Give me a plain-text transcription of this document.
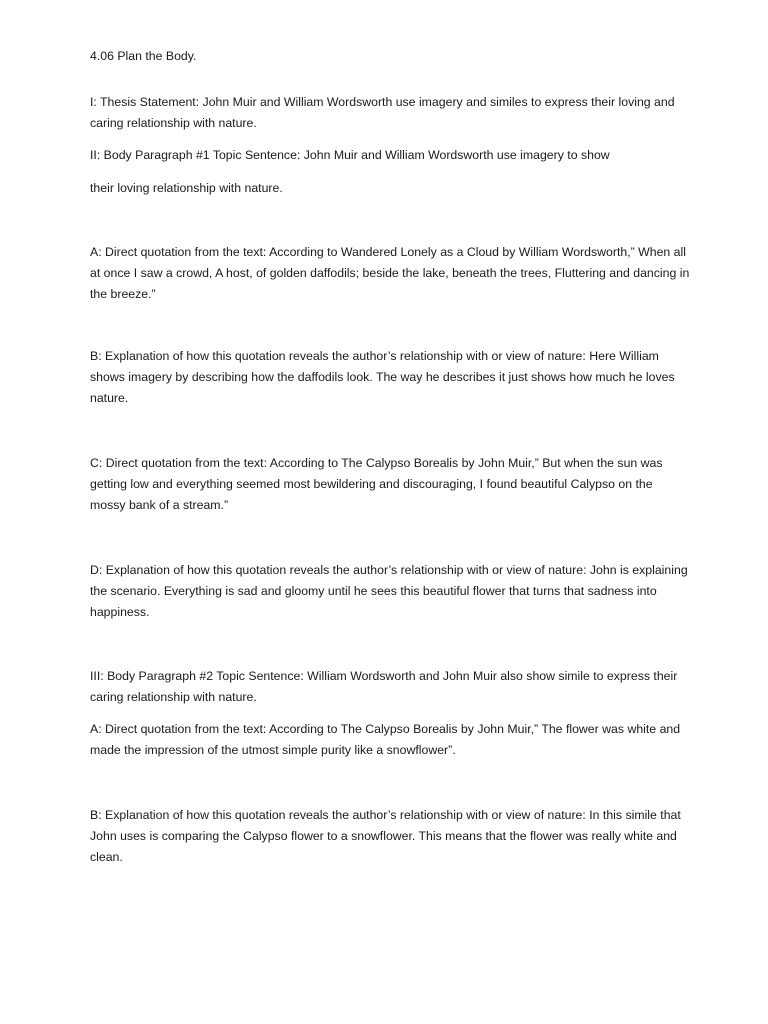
4.06 Plan the Body.

I: Thesis Statement: John Muir and William Wordsworth use imagery and similes to express their loving and caring relationship with nature.

II: Body Paragraph #1 Topic Sentence: John Muir and William Wordsworth use imagery to show

their loving relationship with nature.

A: Direct quotation from the text: According to Wandered Lonely as a Cloud by William Wordsworth,” When all at once I saw a crowd, A host, of golden daffodils; beside the lake, beneath the trees, Fluttering and dancing in the breeze.”

B: Explanation of how this quotation reveals the author’s relationship with or view of nature: Here William shows imagery by describing how the daffodils look. The way he describes it just shows how much he loves nature.

C: Direct quotation from the text: According to The Calypso Borealis by John Muir,” But when the sun was getting low and everything seemed most bewildering and discouraging, I found beautiful Calypso on the mossy bank of a stream.”

D: Explanation of how this quotation reveals the author’s relationship with or view of nature: John is explaining the scenario. Everything is sad and gloomy until he sees this beautiful flower that turns that sadness into happiness.

III: Body Paragraph #2 Topic Sentence: William Wordsworth and John Muir also show simile to express their caring relationship with nature.

A: Direct quotation from the text: According to The Calypso Borealis by John Muir,” The flower was white and made the impression of the utmost simple purity like a snowflower”.

B: Explanation of how this quotation reveals the author’s relationship with or view of nature: In this simile that John uses is comparing the Calypso flower to a snowflower. This means that the flower was really white and clean.
